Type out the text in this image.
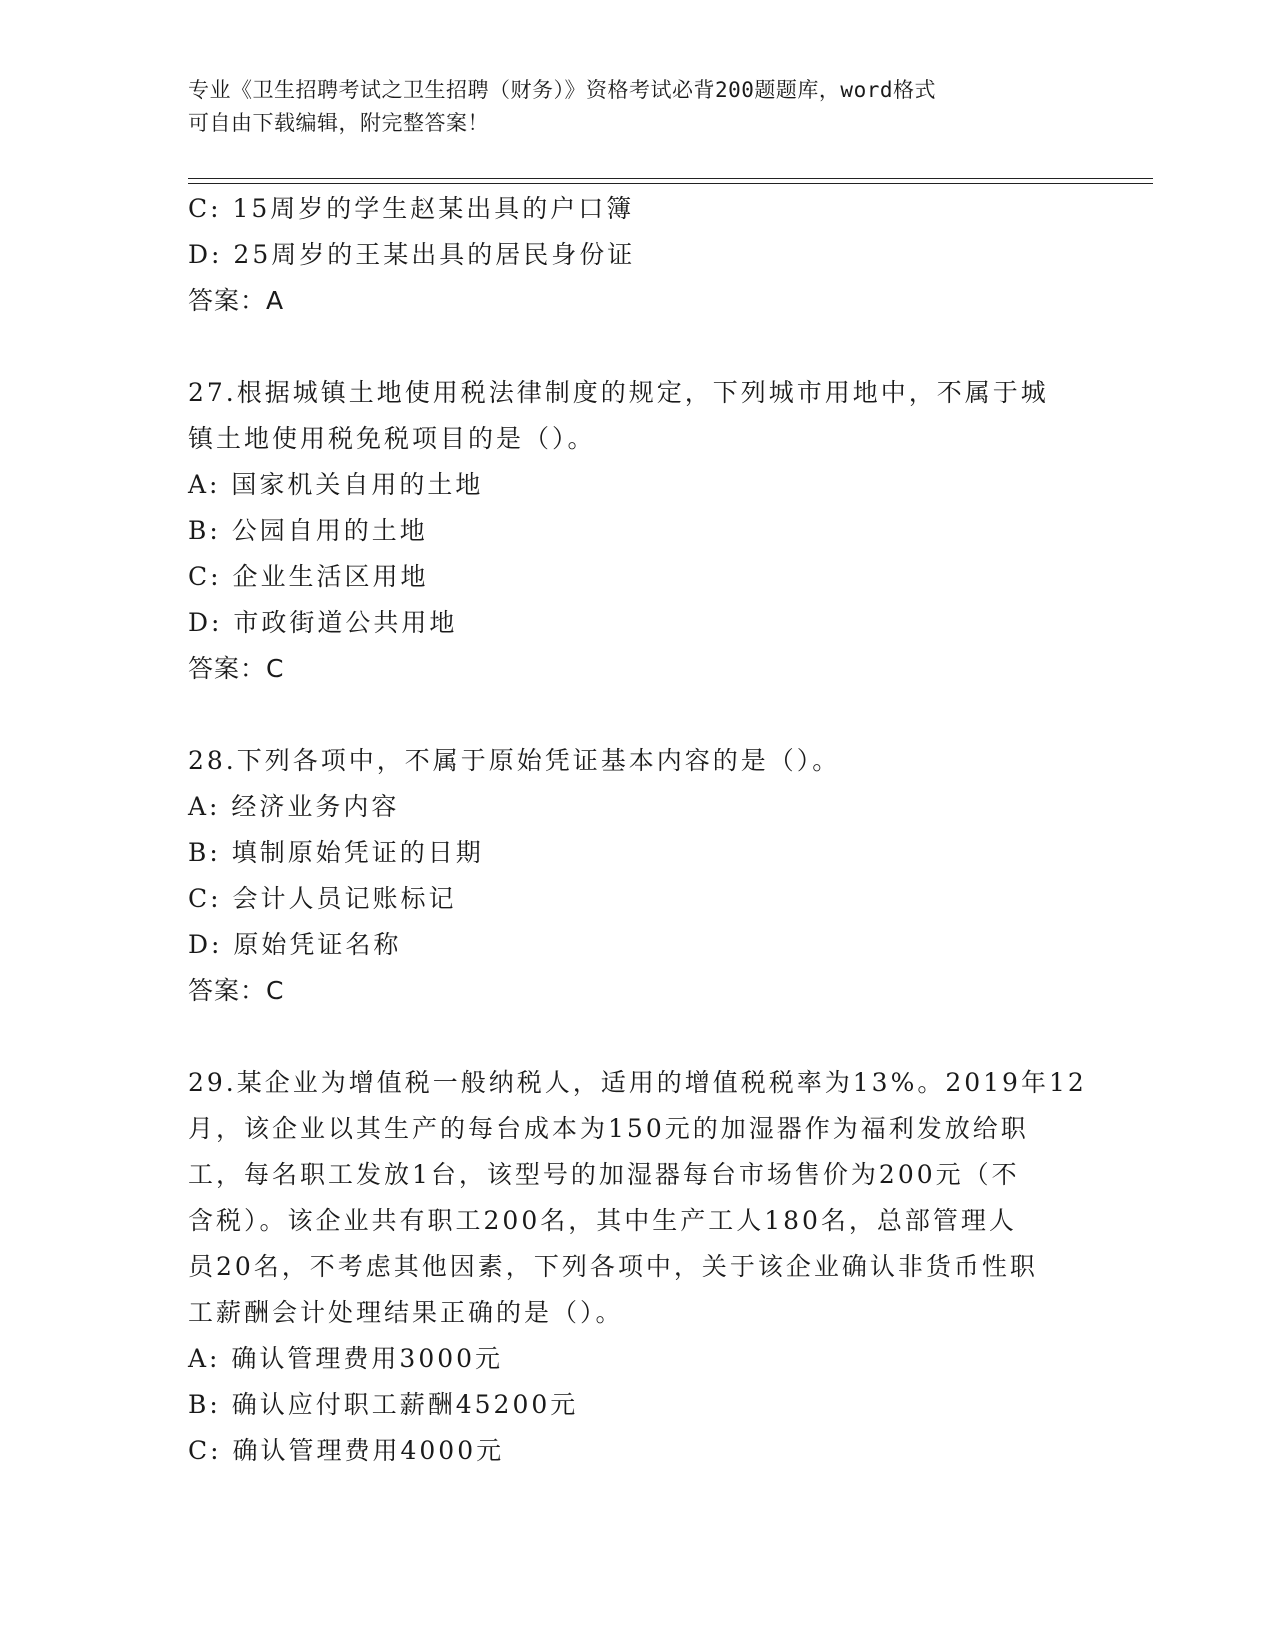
专业《卫生招聘考试之卫生招聘（财务）》资格考试必背200题题库，word格式
可自由下载编辑，附完整答案！
C: 15周岁的学生赵某出具的户口簿
D: 25周岁的王某出具的居民身份证
答案：A
27.根据城镇土地使用税法律制度的规定，下列城市用地中，不属于城
镇土地使用税免税项目的是（）。
A: 国家机关自用的土地
B: 公园自用的土地
C: 企业生活区用地
D: 市政街道公共用地
答案：C
28.下列各项中，不属于原始凭证基本内容的是（）。
A: 经济业务内容
B: 填制原始凭证的日期
C: 会计人员记账标记
D: 原始凭证名称
答案：C
29.某企业为增值税一般纳税人，适用的增值税税率为13%。2019年12
月，该企业以其生产的每台成本为150元的加湿器作为福利发放给职
工，每名职工发放1台，该型号的加湿器每台市场售价为200元（不
含税）。该企业共有职工200名，其中生产工人180名，总部管理人
员20名，不考虑其他因素，下列各项中，关于该企业确认非货币性职
工薪酬会计处理结果正确的是（）。
A: 确认管理费用3000元
B: 确认应付职工薪酬45200元
C: 确认管理费用4000元
